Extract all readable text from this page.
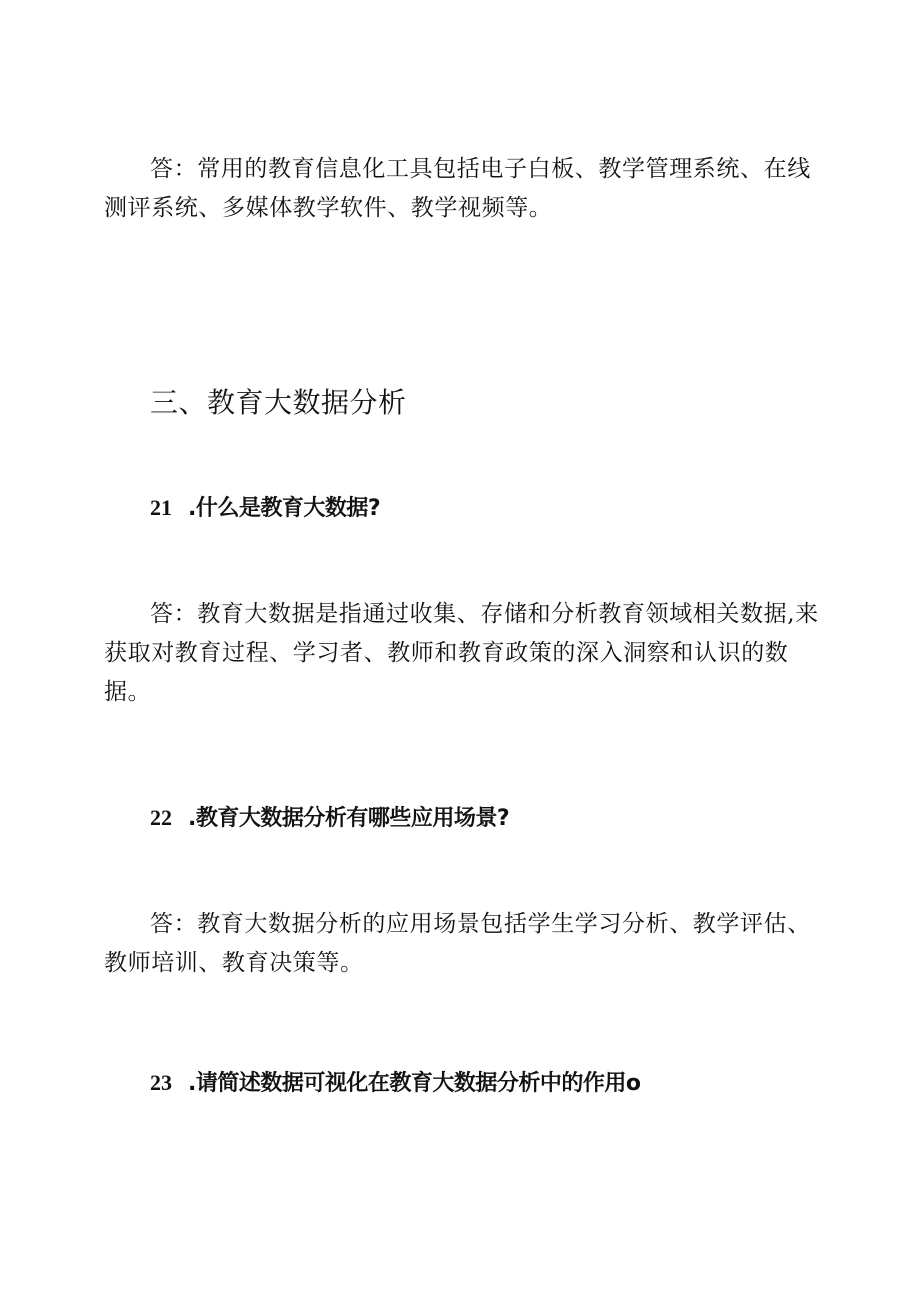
答：常用的教育信息化工具包括电子白板、教学管理系统、在线
测评系统、多媒体教学软件、教学视频等。

三、教育大数据分析

21 .什么是教育大数据?

答：教育大数据是指通过收集、存储和分析教育领域相关数据,来
获取对教育过程、学习者、教师和教育政策的深入洞察和认识的数
据。

22 .教育大数据分析有哪些应用场景?

答：教育大数据分析的应用场景包括学生学习分析、教学评估、
教师培训、教育决策等。

23 .请简述数据可视化在教育大数据分析中的作用o
